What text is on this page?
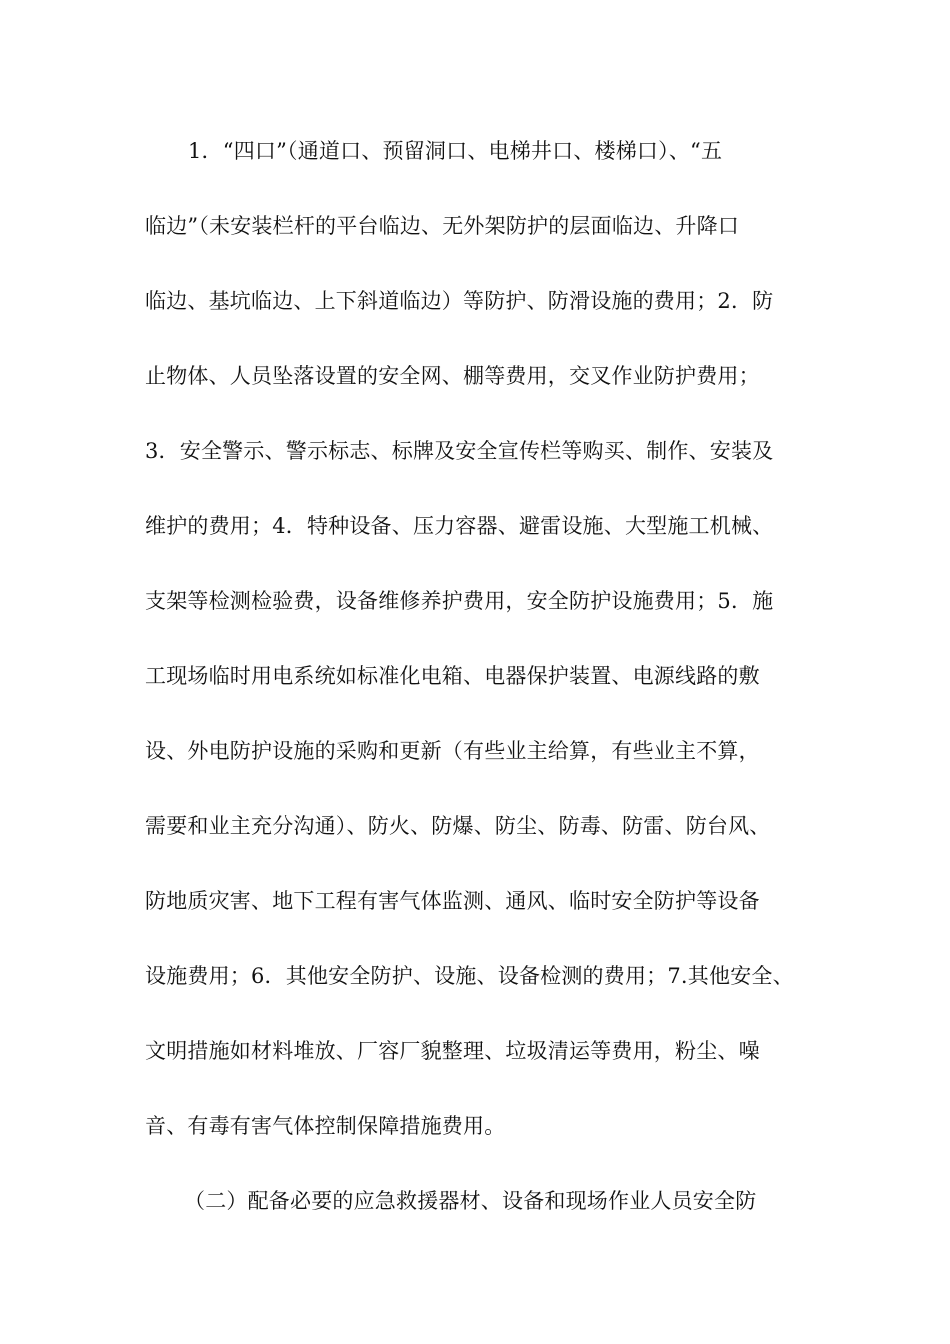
1．“四口”（通道口、预留洞口、电梯井口、楼梯口）、“五
临边”（未安装栏杆的平台临边、无外架防护的层面临边、升降口
临边、基坑临边、上下斜道临边）等防护、防滑设施的费用；2．防
止物体、人员坠落设置的安全网、棚等费用，交叉作业防护费用；
3．安全警示、警示标志、标牌及安全宣传栏等购买、制作、安装及
维护的费用；4．特种设备、压力容器、避雷设施、大型施工机械、
支架等检测检验费，设备维修养护费用，安全防护设施费用；5．施
工现场临时用电系统如标准化电箱、电器保护装置、电源线路的敷
设、外电防护设施的采购和更新（有些业主给算，有些业主不算，
需要和业主充分沟通）、防火、防爆、防尘、防毒、防雷、防台风、
防地质灾害、地下工程有害气体监测、通风、临时安全防护等设备
设施费用；6．其他安全防护、设施、设备检测的费用；7.其他安全、
文明措施如材料堆放、厂容厂貌整理、垃圾清运等费用，粉尘、噪
音、有毒有害气体控制保障措施费用。
（二）配备必要的应急救援器材、设备和现场作业人员安全防
